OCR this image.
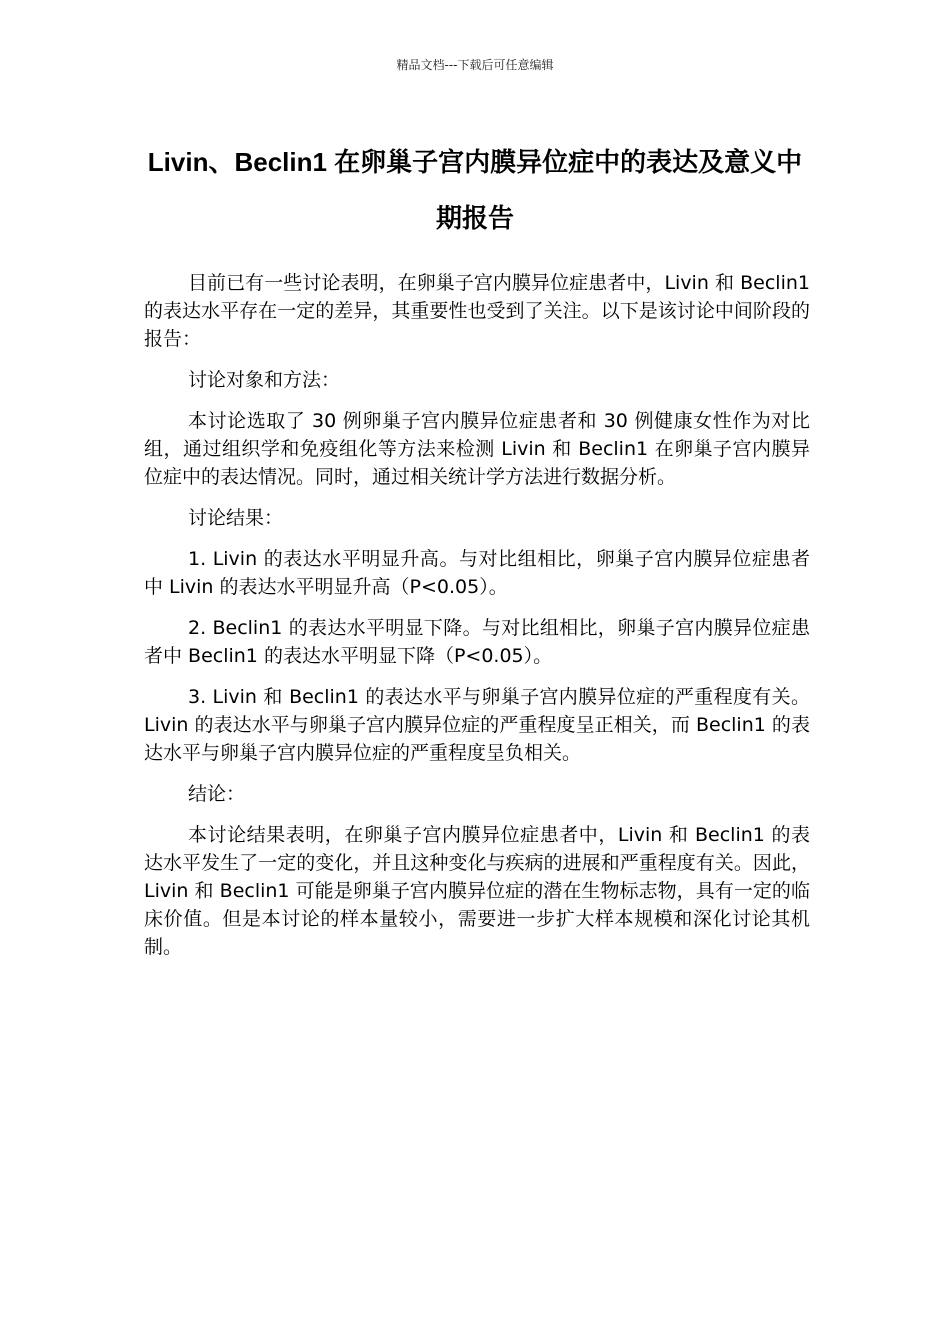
精品文档---下载后可任意编辑
Livin、Beclin1 在卵巢子宫内膜异位症中的表达及意义中期报告

目前已有一些讨论表明，在卵巢子宫内膜异位症患者中，Livin 和 Beclin1 的表达水平存在一定的差异，其重要性也受到了关注。以下是该讨论中间阶段的报告：

讨论对象和方法：

本讨论选取了 30 例卵巢子宫内膜异位症患者和 30 例健康女性作为对比组，通过组织学和免疫组化等方法来检测 Livin 和 Beclin1 在卵巢子宫内膜异位症中的表达情况。同时，通过相关统计学方法进行数据分析。

讨论结果：

1. Livin 的表达水平明显升高。与对比组相比，卵巢子宫内膜异位症患者中 Livin 的表达水平明显升高（P<0.05）。

2. Beclin1 的表达水平明显下降。与对比组相比，卵巢子宫内膜异位症患者中 Beclin1 的表达水平明显下降（P<0.05）。

3. Livin 和 Beclin1 的表达水平与卵巢子宫内膜异位症的严重程度有关。Livin 的表达水平与卵巢子宫内膜异位症的严重程度呈正相关，而 Beclin1 的表达水平与卵巢子宫内膜异位症的严重程度呈负相关。

结论：

本讨论结果表明，在卵巢子宫内膜异位症患者中，Livin 和 Beclin1 的表达水平发生了一定的变化，并且这种变化与疾病的进展和严重程度有关。因此，Livin 和 Beclin1 可能是卵巢子宫内膜异位症的潜在生物标志物，具有一定的临床价值。但是本讨论的样本量较小，需要进一步扩大样本规模和深化讨论其机制。
